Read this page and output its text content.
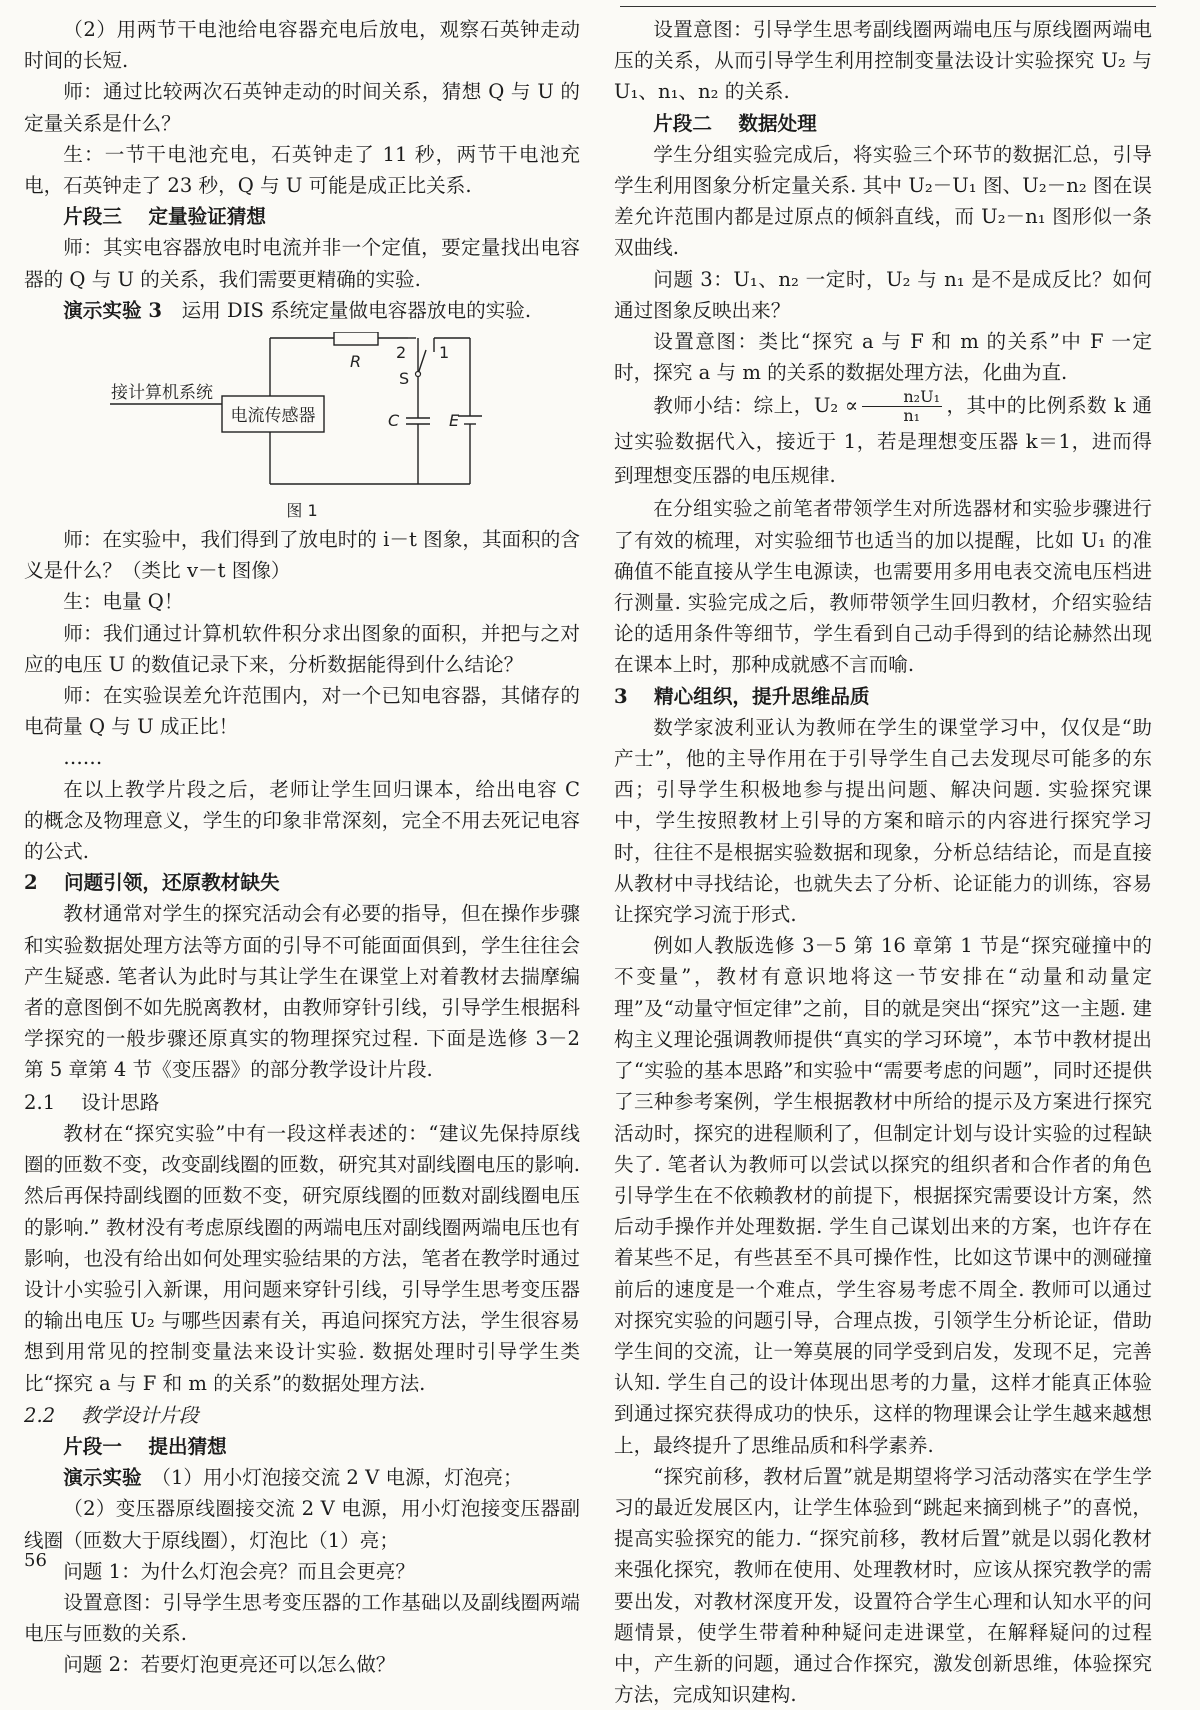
（2）用两节干电池给电容器充电后放电，观察石英钟走动时间的长短.

师：通过比较两次石英钟走动的时间关系，猜想 Q 与 U 的定量关系是什么？

生：一节干电池充电，石英钟走了 11 秒，两节干电池充电，石英钟走了 23 秒，Q 与 U 可能是成正比关系.

片段三　 定量验证猜想

师：其实电容器放电时电流并非一个定值，要定量找出电容器的 Q 与 U 的关系，我们需要更精确的实验.

演示实验 3　运用 DIS 系统定量做电容器放电的实验.

接计算机系统
电流传感器
R 2 1
S
C	E
图 1

师：在实验中，我们得到了放电时的 i－t 图象，其面积的含义是什么？（类比 v－t 图像）

生：电量 Q！

师：我们通过计算机软件积分求出图象的面积，并把与之对应的电压 U 的数值记录下来，分析数据能得到什么结论？

师：在实验误差允许范围内，对一个已知电容器，其储存的电荷量 Q 与 U 成正比！

……

在以上教学片段之后，老师让学生回归课本，给出电容 C 的概念及物理意义，学生的印象非常深刻，完全不用去死记电容的公式.

2　 问题引领，还原教材缺失

教材通常对学生的探究活动会有必要的指导，但在操作步骤和实验数据处理方法等方面的引导不可能面面俱到，学生往往会产生疑惑. 笔者认为此时与其让学生在课堂上对着教材去揣摩编者的意图倒不如先脱离教材，由教师穿针引线，引导学生根据科学探究的一般步骤还原真实的物理探究过程. 下面是选修 3－2 第 5 章第 4 节《变压器》的部分教学设计片段.

2.1　 设计思路

教材在“探究实验”中有一段这样表述的：“建议先保持原线圈的匝数不变，改变副线圈的匝数，研究其对副线圈电压的影响. 然后再保持副线圈的匝数不变，研究原线圈的匝数对副线圈电压的影响.” 教材没有考虑原线圈的两端电压对副线圈两端电压也有影响，也没有给出如何处理实验结果的方法，笔者在教学时通过设计小实验引入新课，用问题来穿针引线，引导学生思考变压器的输出电压 U₂ 与哪些因素有关，再追问探究方法，学生很容易想到用常见的控制变量法来设计实验. 数据处理时引导学生类比“探究 a 与 F 和 m 的关系”的数据处理方法.

2.2　 教学设计片段

片段一　 提出猜想

演示实验　（1）用小灯泡接交流 2 V 电源，灯泡亮；

（2）变压器原线圈接交流 2 V 电源，用小灯泡接变压器副线圈（匝数大于原线圈），灯泡比（1）亮；

问题 1：为什么灯泡会亮？而且会更亮？

设置意图：引导学生思考变压器的工作基础以及副线圈两端电压与匝数的关系.

问题 2：若要灯泡更亮还可以怎么做？

56

设置意图：引导学生思考副线圈两端电压与原线圈两端电压的关系，从而引导学生利用控制变量法设计实验探究 U₂ 与 U₁、n₁、n₂ 的关系.

片段二　 数据处理

学生分组实验完成后，将实验三个环节的数据汇总，引导学生利用图象分析定量关系. 其中 U₂－U₁ 图、U₂－n₂ 图在误差允许范围内都是过原点的倾斜直线，而 U₂－n₁ 图形似一条双曲线.

问题 3：U₁、n₂ 一定时，U₂ 与 n₁ 是不是成反比？如何通过图象反映出来？

设置意图：类比“探究 a 与 F 和 m 的关系”中 F 一定时，探究 a 与 m 的关系的数据处理方法，化曲为直.

教师小结：综上，$U_2 \propto \frac{\text{n₂U₁}}{\text{n₁}}$ ，其中的比例系数 k 通过实验数据代入，接近于 1，若是理想变压器 k＝1，进而得到理想变压器的电压规律.

在分组实验之前笔者带领学生对所选器材和实验步骤进行了有效的梳理，对实验细节也适当的加以提醒，比如 U₁ 的准确值不能直接从学生电源读，也需要用多用电表交流电压档进行测量. 实验完成之后，教师带领学生回归教材，介绍实验结论的适用条件等细节，学生看到自己动手得到的结论赫然出现在课本上时，那种成就感不言而喻.

3　 精心组织，提升思维品质

数学家波利亚认为教师在学生的课堂学习中，仅仅是“助产士”，他的主导作用在于引导学生自己去发现尽可能多的东西；引导学生积极地参与提出问题、解决问题. 实验探究课中，学生按照教材上引导的方案和暗示的内容进行探究学习时，往往不是根据实验数据和现象，分析总结结论，而是直接从教材中寻找结论，也就失去了分析、论证能力的训练，容易让探究学习流于形式.

例如人教版选修 3－5 第 16 章第 1 节是“探究碰撞中的不变量”，教材有意识地将这一节安排在“动量和动量定理”及“动量守恒定律”之前，目的就是突出“探究”这一主题. 建构主义理论强调教师提供“真实的学习环境”，本节中教材提出了“实验的基本思路”和实验中“需要考虑的问题”，同时还提供了三种参考案例，学生根据教材中所给的提示及方案进行探究活动时，探究的进程顺利了，但制定计划与设计实验的过程缺失了. 笔者认为教师可以尝试以探究的组织者和合作者的角色引导学生在不依赖教材的前提下，根据探究需要设计方案，然后动手操作并处理数据. 学生自己谋划出来的方案，也许存在着某些不足，有些甚至不具可操作性，比如这节课中的测碰撞前后的速度是一个难点，学生容易考虑不周全. 教师可以通过对探究实验的问题引导，合理点拨，引领学生分析论证，借助学生间的交流，让一筹莫展的同学受到启发，发现不足，完善认知. 学生自己的设计体现出思考的力量，这样才能真正体验到通过探究获得成功的快乐，这样的物理课会让学生越来越想上，最终提升了思维品质和科学素养.

“探究前移，教材后置”就是期望将学习活动落实在学生学习的最近发展区内，让学生体验到“跳起来摘到桃子”的喜悦，提高实验探究的能力. “探究前移，教材后置”就是以弱化教材来强化探究，教师在使用、处理教材时，应该从探究教学的需要出发，对教材深度开发，设置符合学生心理和认知水平的问题情景，使学生带着种种疑问走进课堂，在解释疑问的过程中，产生新的问题，通过合作探究，激发创新思维，体验探究方法，完成知识建构.
